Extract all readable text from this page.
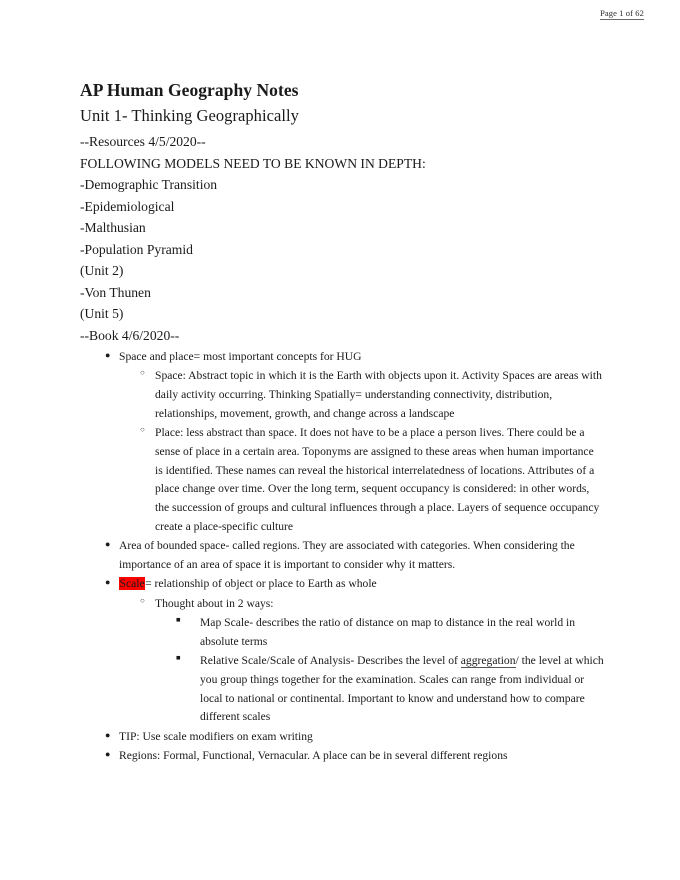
Page 1 of 62
AP Human Geography Notes
Unit 1- Thinking Geographically

--Resources 4/5/2020--

FOLLOWING MODELS NEED TO BE KNOWN IN DEPTH:

-Demographic Transition

-Epidemiological

-Malthusian

-Population Pyramid

(Unit 2)

-Von Thunen

(Unit 5)

--Book 4/6/2020--

●
Space and place= most important concepts for HUG
○
Space: Abstract topic in which it is the Earth with objects upon it. Activity Spaces are areas with daily activity occurring. Thinking Spatially= understanding connectivity, distribution, relationships, movement, growth, and change across a landscape
○
Place: less abstract than space. It does not have to be a place a person lives. There could be a sense of place in a certain area. Toponyms are assigned to these areas when human importance is identified. These names can reveal the historical interrelatedness of locations. Attributes of a place change over time. Over the long term, sequent occupancy is considered: in other words, the succession of groups and cultural influences through a place. Layers of sequence occupancy create a place-specific culture
●
Area of bounded space- called regions. They are associated with categories. When considering the importance of an area of space it is important to consider why it matters.
●
Scale= relationship of object or place to Earth as whole
○
Thought about in 2 ways:
■
Map Scale- describes the ratio of distance on map to distance in the real world in absolute terms
■
Relative Scale/Scale of Analysis- Describes the level of aggregation/ the level at which you group things together for the examination. Scales can range from individual or local to national or continental. Important to know and understand how to compare different scales
●
TIP: Use scale modifiers on exam writing
●
Regions: Formal, Functional, Vernacular. A place can be in several different regions
